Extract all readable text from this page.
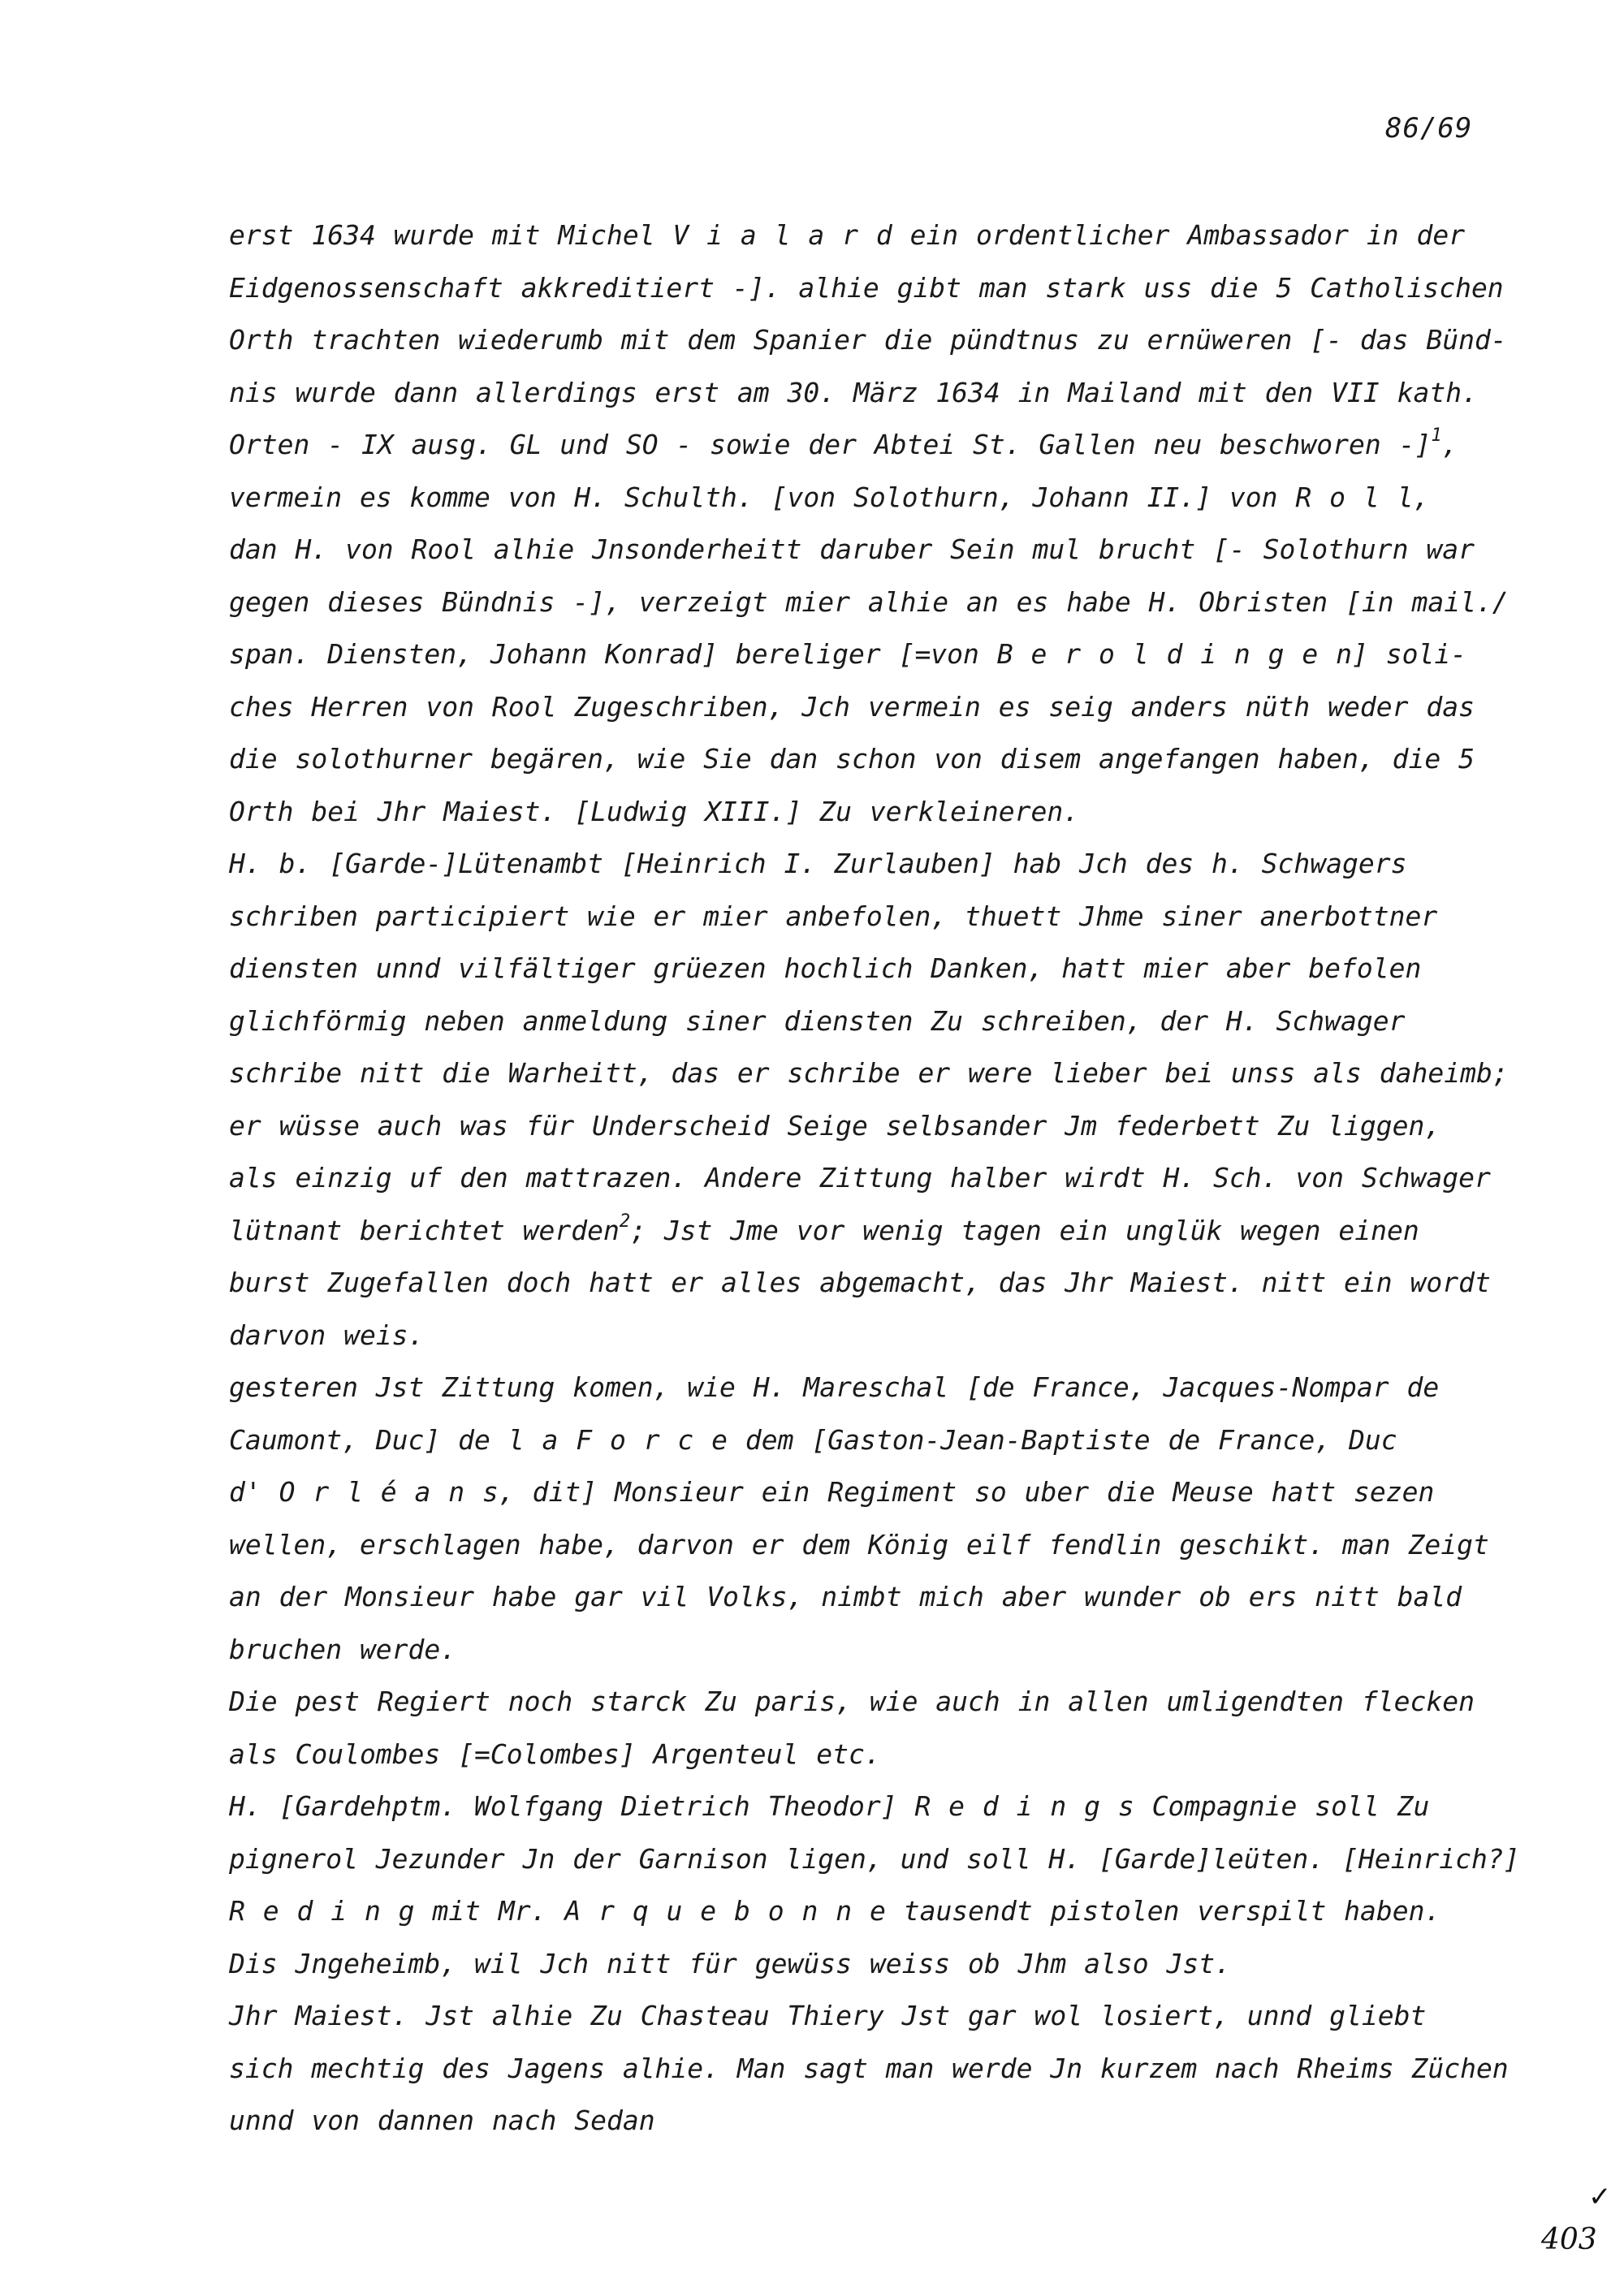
86/69
erst 1634 wurde mit Michel V i a l a r d ein ordentlicher Ambassador in der
Eidgenossenschaft akkreditiert -]. alhie gibt man stark uss die 5 Catholischen
Orth trachten wiederumb mit dem Spanier die pündtnus zu ernüweren [- das Bünd-
nis wurde dann allerdings erst am 30. März 1634 in Mailand mit den VII kath.
Orten - IX ausg. GL und SO - sowie der Abtei St. Gallen neu beschworen -]$^1$,
vermein es komme von H. Schulth. [von Solothurn, Johann II.] von R o l l,
dan H. von Rool alhie Jnsonderheitt daruber Sein mul brucht [- Solothurn war
gegen dieses Bündnis -], verzeigt mier alhie an es habe H. Obristen [in mail./
span. Diensten, Johann Konrad] bereliger [=von B e r o l d i n g e n] soli-
ches Herren von Rool Zugeschriben, Jch vermein es seig anders nüth weder das
die solothurner begären, wie Sie dan schon von disem angefangen haben, die 5
Orth bei Jhr Maiest. [Ludwig XIII.] Zu verkleineren.
H. b. [Garde-]Lütenambt [Heinrich I. Zurlauben] hab Jch des h. Schwagers
schriben participiert wie er mier anbefolen, thuett Jhme siner anerbottner
diensten unnd vilfältiger grüezen hochlich Danken, hatt mier aber befolen
glichförmig neben anmeldung siner diensten Zu schreiben, der H. Schwager
schribe nitt die Warheitt, das er schribe er were lieber bei unss als daheimb;
er wüsse auch was für Underscheid Seige selbsander Jm federbett Zu liggen,
als einzig uf den mattrazen. Andere Zittung halber wirdt H. Sch. von Schwager
lütnant berichtet werden$^2$; Jst Jme vor wenig tagen ein unglük wegen einen
burst Zugefallen doch hatt er alles abgemacht, das Jhr Maiest. nitt ein wordt
darvon weis.
gesteren Jst Zittung komen, wie H. Mareschal [de France, Jacques-Nompar de
Caumont, Duc] de l a F o r c e dem [Gaston-Jean-Baptiste de France, Duc
d' O r l é a n s, dit] Monsieur ein Regiment so uber die Meuse hatt sezen
wellen, erschlagen habe, darvon er dem König eilf fendlin geschikt. man Zeigt
an der Monsieur habe gar vil Volks, nimbt mich aber wunder ob ers nitt bald
bruchen werde.
Die pest Regiert noch starck Zu paris, wie auch in allen umligendten flecken
als Coulombes [=Colombes] Argenteul etc.
H. [Gardehptm. Wolfgang Dietrich Theodor] R e d i n g s Compagnie soll Zu
pignerol Jezunder Jn der Garnison ligen, und soll H. [Garde]leüten. [Heinrich?]
R e d i n g mit Mr. A r q u e b o n n e tausendt pistolen verspilt haben.
Dis Jngeheimb, wil Jch nitt für gewüss weiss ob Jhm also Jst.
Jhr Maiest. Jst alhie Zu Chasteau Thiery Jst gar wol losiert, unnd gliebt
sich mechtig des Jagens alhie. Man sagt man werde Jn kurzem nach Rheims Züchen
unnd von dannen nach Sedan
✓
403
